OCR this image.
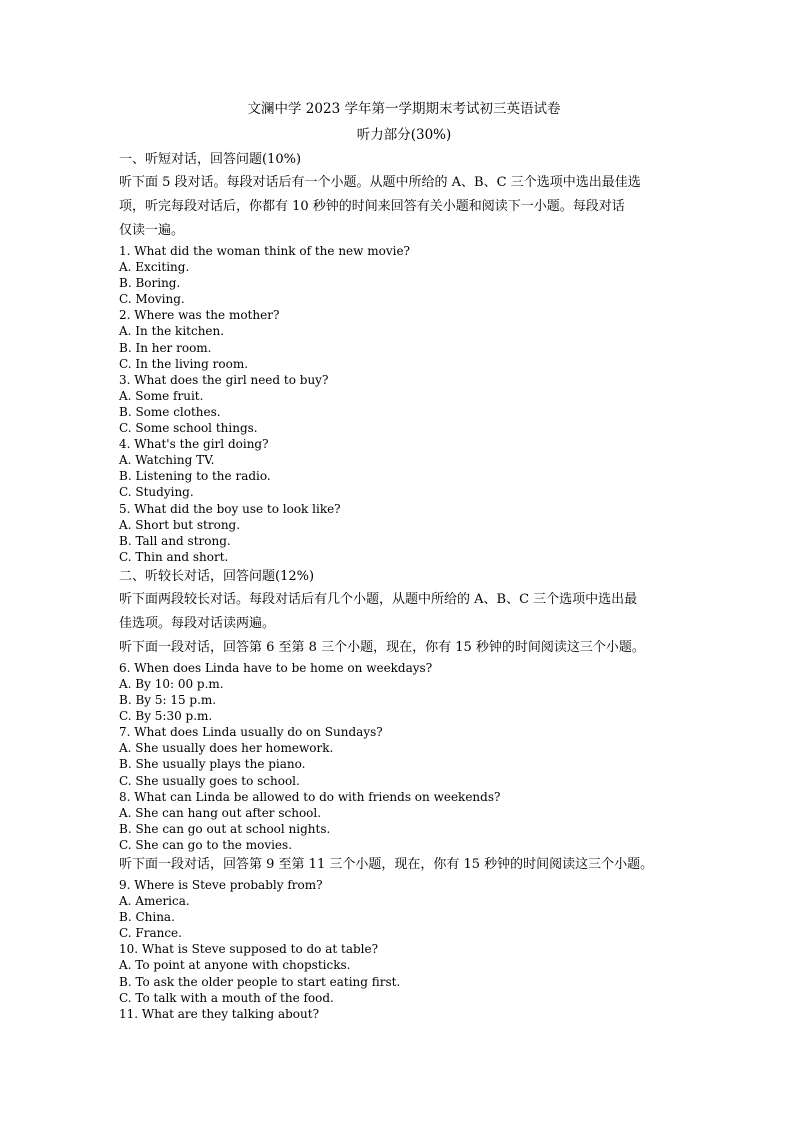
文澜中学 2023 学年第一学期期末考试初三英语试卷
听力部分(30%)
一、听短对话，回答问题(10%)
听下面 5 段对话。每段对话后有一个小题。从题中所给的 A、B、C 三个选项中选出最佳选
项，听完每段对话后，你都有 10 秒钟的时间来回答有关小题和阅读下一小题。每段对话
仅读一遍。
1. What did the woman think of the new movie?
A. Exciting.
B. Boring.
C. Moving.
2. Where was the mother?
A. In the kitchen.
B. In her room.
C. In the living room.
3. What does the girl need to buy?
A. Some fruit.
B. Some clothes.
C. Some school things.
4. What's the girl doing?
A. Watching TV.
B. Listening to the radio.
C. Studying.
5. What did the boy use to look like?
A. Short but strong.
B. Tall and strong.
C. Thin and short.
二、听较长对话，回答问题(12%)
听下面两段较长对话。每段对话后有几个小题，从题中所给的 A、B、C 三个选项中选出最
佳选项。每段对话读两遍。
听下面一段对话，回答第 6 至第 8 三个小题，现在，你有 15 秒钟的时间阅读这三个小题。
6. When does Linda have to be home on weekdays?
A. By 10: 00 p.m.
B. By 5: 15 p.m.
C. By 5:30 p.m.
7. What does Linda usually do on Sundays?
A. She usually does her homework.
B. She usually plays the piano.
C. She usually goes to school.
8. What can Linda be allowed to do with friends on weekends?
A. She can hang out after school.
B. She can go out at school nights.
C. She can go to the movies.
听下面一段对话，回答第 9 至第 11 三个小题，现在，你有 15 秒钟的时间阅读这三个小题。
9. Where is Steve probably from?
A. America.
B. China.
C. France.
10. What is Steve supposed to do at table?
A. To point at anyone with chopsticks.
B. To ask the older people to start eating first.
C. To talk with a mouth of the food.
11. What are they talking about?
